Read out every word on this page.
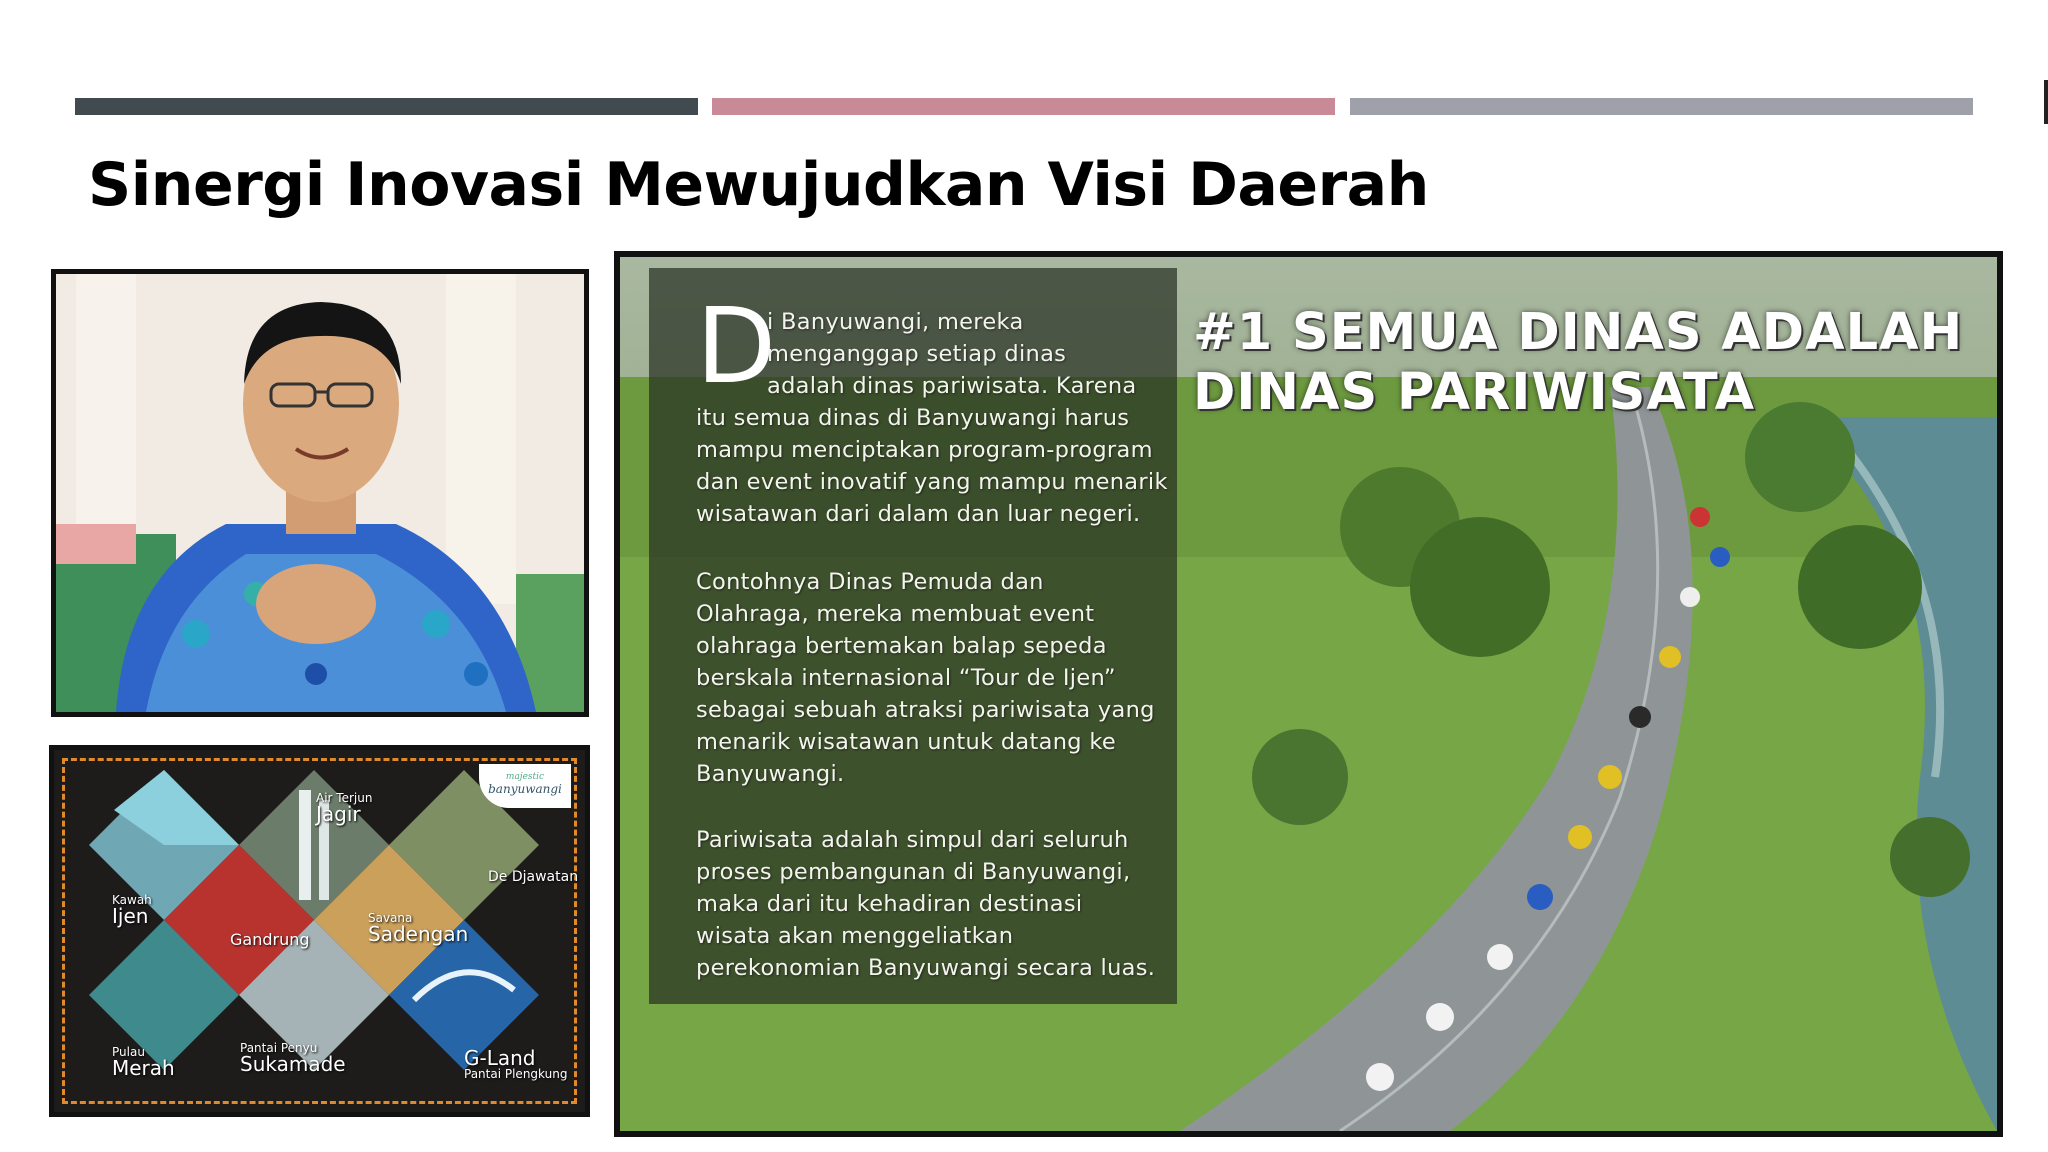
Sinergi Inovasi Mewujudkan Visi Daerah
majestic
banyuwangi
Kawah
Ijen
Air Terjun
Jagir
De Djawatan
Gandrung
Savana
Sadengan
Pulau
Merah
Pantai Penyu
Sukamade	G-Land
Pantai Plengkung
D

i Banyuwangi, mereka
menganggap setiap dinas
adalah dinas pariwisata. Karena

itu semua dinas di Banyuwangi harus
mampu menciptakan program-program
dan event inovatif yang mampu menarik
wisatawan dari dalam dan luar negeri.

Contohnya Dinas Pemuda dan
Olahraga, mereka membuat event
olahraga bertemakan balap sepeda
berskala internasional “Tour de Ijen”
sebagai sebuah atraksi pariwisata yang
menarik wisatawan untuk datang ke
Banyuwangi.

Pariwisata adalah simpul dari seluruh
proses pembangunan di Banyuwangi,
maka dari itu kehadiran destinasi
wisata akan menggeliatkan
perekonomian Banyuwangi secara luas.

#1 SEMUA DINAS ADALAH
DINAS PARIWISATA
